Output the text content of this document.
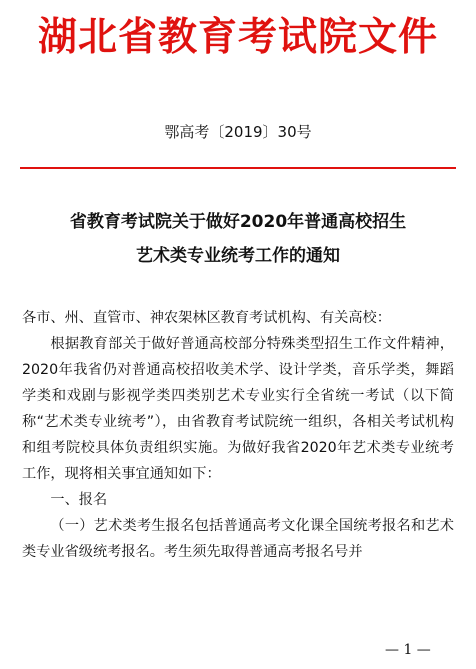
湖北省教育考试院文件
鄂高考〔2019〕30号
省教育考试院关于做好2020年普通高校招生
艺术类专业统考工作的通知

各市、州、直管市、神农架林区教育考试机构、有关高校：

根据教育部关于做好普通高校部分特殊类型招生工作文件精神，2020年我省仍对普通高校招收美术学、设计学类，音乐学类，舞蹈学类和戏剧与影视学类四类别艺术专业实行全省统一考试（以下简称“艺术类专业统考”），由省教育考试院统一组织，各相关考试机构和组考院校具体负责组织实施。为做好我省2020年艺术类专业统考工作，现将相关事宜通知如下：

一、报名

（一）艺术类考生报名包括普通高考文化课全国统考报名和艺术类专业省级统考报名。考生须先取得普通高考报名号并

— 1 —
